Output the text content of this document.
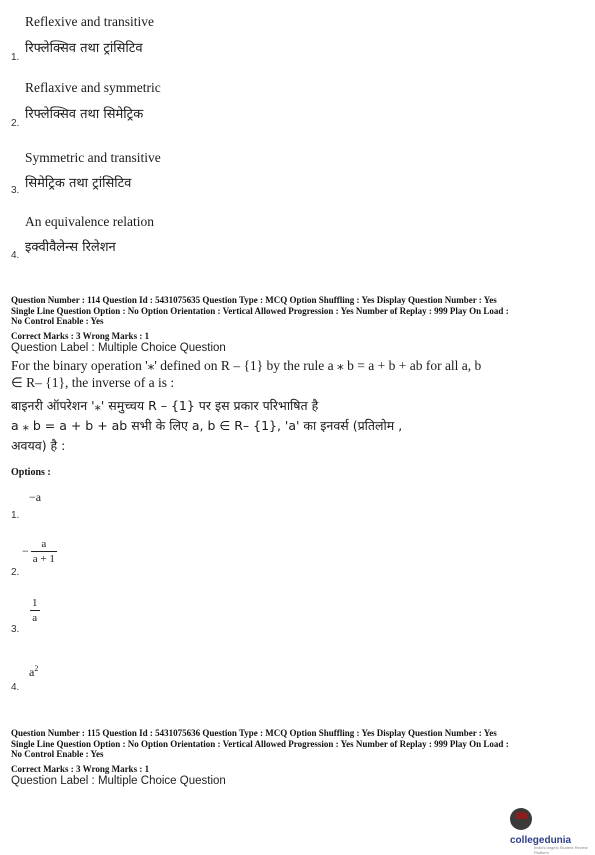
Reflexive and transitive
रिफ्लेक्सिव तथा ट्रांसिटिव
1.
Reflaxive and symmetric
रिफ्लेक्सिव तथा सिमेट्रिक
2.
Symmetric and transitive
सिमेट्रिक तथा ट्रांसिटिव
3.
An equivalence relation
इक्वीवैलेन्स रिलेशन
4.
Question Number : 114 Question Id : 5431075635 Question Type : MCQ Option Shuffling : Yes Display Question Number : Yes
Single Line Question Option : No Option Orientation : Vertical Allowed Progression : Yes Number of Replay : 999 Play On Load :
No Control Enable : Yes
Correct Marks : 3 Wrong Marks : 1
Question Label : Multiple Choice Question
For the binary operation '⁎' defined on R – {1} by the rule a ⁎ b = a + b + ab for all a, b ∈ R– {1}, the inverse of a is :
बाइनरी ऑपरेशन '⁎' समुच्चय R – {1} पर इस प्रकार परिभाषित है
a ⁎ b = a + b + ab सभी के लिए a, b ∈ R– {1}, 'a' का इनवर्स (प्रतिलोम ,
अवयव) है :
Options :
−a
1.
− $\frac{a}{a + 1}$
2.
$\frac{1}{a}$
3.
$a^2$
4.
Question Number : 115 Question Id : 5431075636 Question Type : MCQ Option Shuffling : Yes Display Question Number : Yes
Single Line Question Option : No Option Orientation : Vertical Allowed Progression : Yes Number of Replay : 999 Play On Load :
No Control Enable : Yes
Correct Marks : 3 Wrong Marks : 1
Question Label : Multiple Choice Question
collegedunia
India's largest Student Review Platform
